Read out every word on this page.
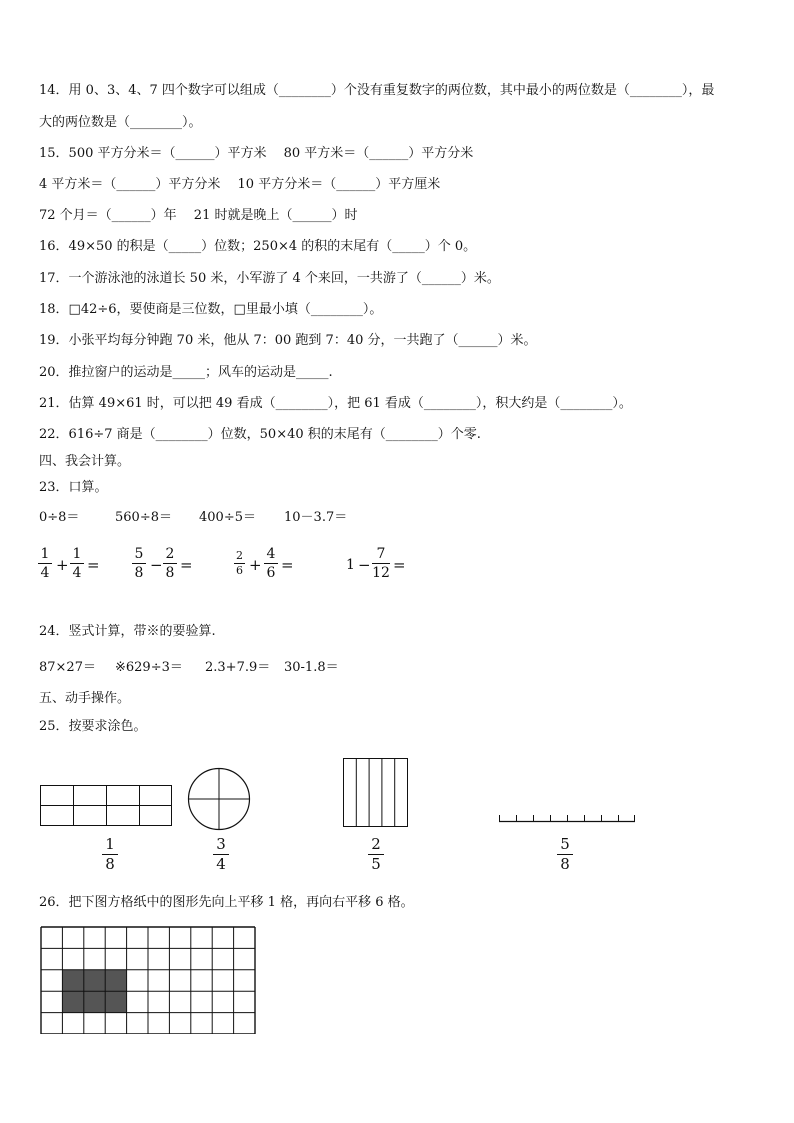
14．用 0、3、4、7 四个数字可以组成（________）个没有重复数字的两位数，其中最小的两位数是（________），最
大的两位数是（________）。
15．500 平方分米＝（______）平方米　 80 平方米＝（______）平方分米
4 平方米＝（______）平方分米　 10 平方分米＝（______）平方厘米
72 个月＝（______）年　 21 时就是晚上（______）时
16．49×50 的积是（_____）位数；250×4 的积的末尾有（_____）个 0。
17．一个游泳池的泳道长 50 米，小军游了 4 个来回，一共游了（______）米。
18．□42÷6，要使商是三位数，□里最小填（________）。
19．小张平均每分钟跑 70 米，他从 7：00 跑到 7：40 分，一共跑了（______）米。
20．推拉窗户的运动是_____；风车的运动是_____.
21．估算 49×61 时，可以把 49 看成（________），把 61 看成（________），积大约是（________）。
22．616÷7 商是（________）位数，50×40 积的末尾有（________）个零.
四、我会计算。
23．口算。
0÷8＝	560÷8＝ 400÷5＝ 10－3.7＝
1
4 +
1
4 =
5
8 −
2
8 =
2
6 +
4
6 =	1 −
7
12 =
24．竖式计算，带※的要验算.
87×27＝ ※629÷3＝ 2.3+7.9＝ 30-1.8＝
五、动手操作。
25．按要求涂色。
1
8
3
4
2
5
5
8
26．把下图方格纸中的图形先向上平移 1 格，再向右平移 6 格。
